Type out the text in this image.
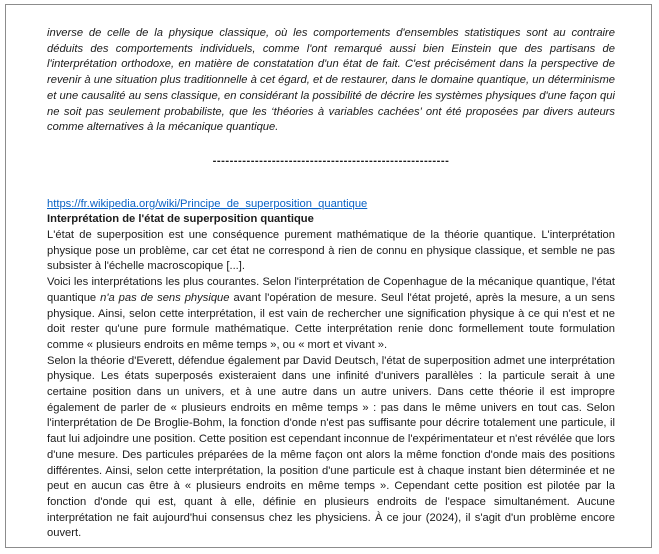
inverse de celle de la physique classique, où les comportements d'ensembles statistiques sont au contraire déduits des comportements individuels, comme l'ont remarqué aussi bien Einstein que des partisans de l'interprétation orthodoxe, en matière de constatation d'un état de fait. C'est précisément dans la perspective de revenir à une situation plus traditionnelle à cet égard, et de restaurer, dans le domaine quantique, un déterminisme et une causalité au sens classique, en considérant la possibilité de décrire les systèmes physiques d'une façon qui ne soit pas seulement probabiliste, que les ‘théories à variables cachées’ ont été proposées par divers auteurs comme alternatives à la mécanique quantique.

--------------------------------------------------------

https://fr.wikipedia.org/wiki/Principe_de_superposition_quantique

Interprétation de l'état de superposition quantique

L'état de superposition est une conséquence purement mathématique de la théorie quantique. L'interprétation physique pose un problème, car cet état ne correspond à rien de connu en physique classique, et semble ne pas subsister à l'échelle macroscopique [...].

Voici les interprétations les plus courantes. Selon l'interprétation de Copenhague de la mécanique quantique, l'état quantique n'a pas de sens physique avant l'opération de mesure. Seul l'état projeté, après la mesure, a un sens physique. Ainsi, selon cette interprétation, il est vain de rechercher une signification physique à ce qui n'est et ne doit rester qu'une pure formule mathématique. Cette interprétation renie donc formellement toute formulation comme « plusieurs endroits en même temps », ou « mort et vivant ».

Selon la théorie d'Everett, défendue également par David Deutsch, l'état de superposition admet une interprétation physique. Les états superposés existeraient dans une infinité d'univers parallèles : la particule serait à une certaine position dans un univers, et à une autre dans un autre univers. Dans cette théorie il est impropre également de parler de « plusieurs endroits en même temps » : pas dans le même univers en tout cas. Selon l'interprétation de De Broglie-Bohm, la fonction d'onde n'est pas suffisante pour décrire totalement une particule, il faut lui adjoindre une position. Cette position est cependant inconnue de l'expérimentateur et n'est révélée que lors d'une mesure. Des particules préparées de la même façon ont alors la même fonction d'onde mais des positions différentes. Ainsi, selon cette interprétation, la position d'une particule est à chaque instant bien déterminée et ne peut en aucun cas être à « plusieurs endroits en même temps ». Cependant cette position est pilotée par la fonction d'onde qui est, quant à elle, définie en plusieurs endroits de l'espace simultanément. Aucune interprétation ne fait aujourd'hui consensus chez les physiciens. À ce jour (2024), il s'agit d'un problème encore ouvert.
